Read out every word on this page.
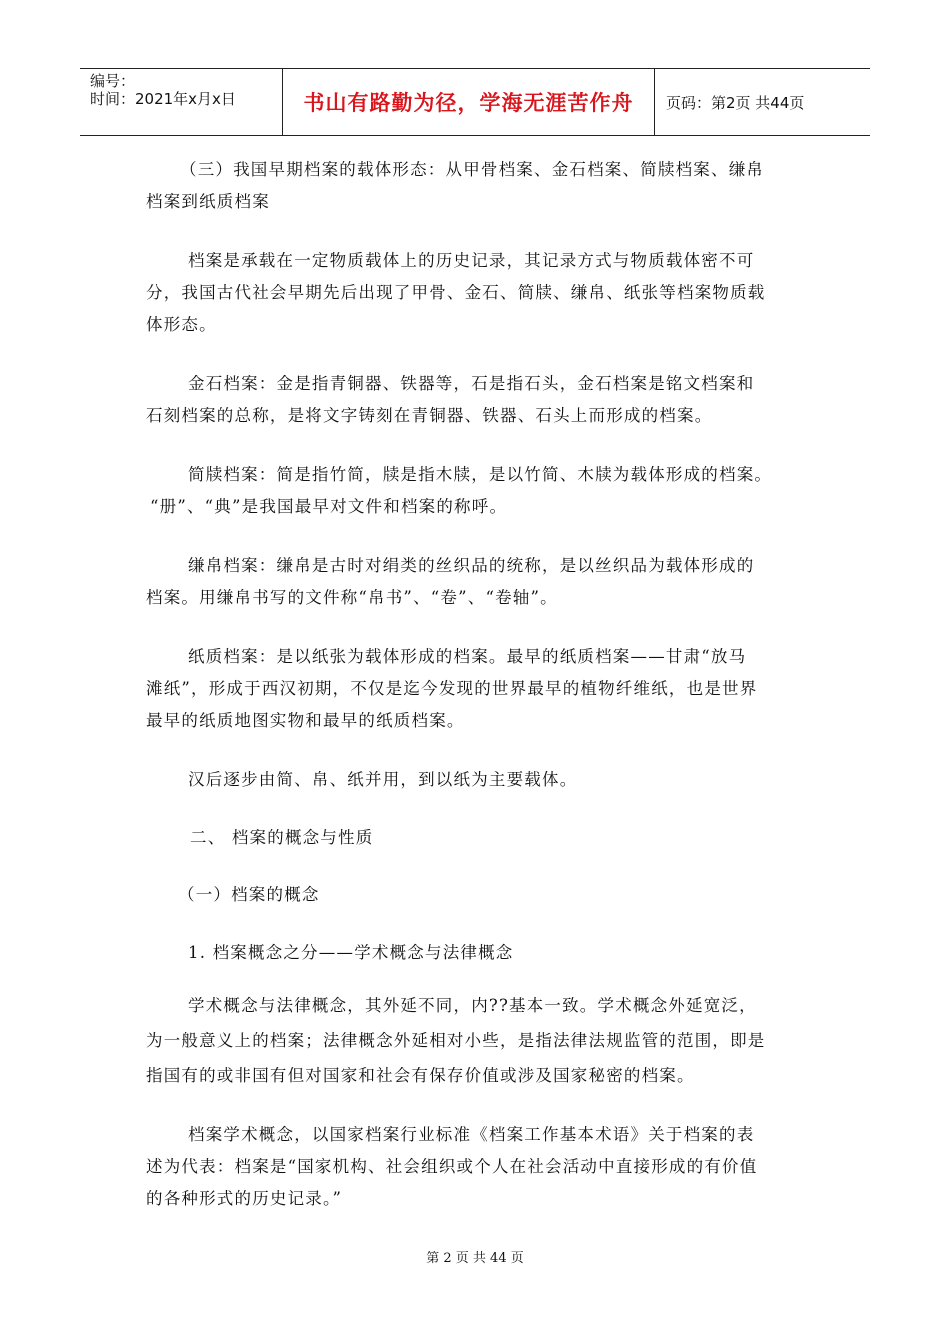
编号：
时间：2021年x月x日	书山有路勤为径，学海无涯苦作舟	页码：第2页 共44页
（三）我国早期档案的载体形态：从甲骨档案、金石档案、简牍档案、缣帛
档案到纸质档案
档案是承载在一定物质载体上的历史记录，其记录方式与物质载体密不可
分，我国古代社会早期先后出现了甲骨、金石、简牍、缣帛、纸张等档案物质载
体形态。
金石档案：金是指青铜器、铁器等，石是指石头，金石档案是铭文档案和
石刻档案的总称，是将文字铸刻在青铜器、铁器、石头上而形成的档案。
简牍档案：简是指竹简，牍是指木牍，是以竹简、木牍为载体形成的档案。
“册”、“典”是我国最早对文件和档案的称呼。
缣帛档案：缣帛是古时对绢类的丝织品的统称，是以丝织品为载体形成的
档案。用缣帛书写的文件称“帛书”、“卷”、“卷轴”。
纸质档案：是以纸张为载体形成的档案。最早的纸质档案——甘肃“放马
滩纸”，形成于西汉初期，不仅是迄今发现的世界最早的植物纤维纸，也是世界
最早的纸质地图实物和最早的纸质档案。
汉后逐步由简、帛、纸并用，到以纸为主要载体。
二、 档案的概念与性质
（一）档案的概念
1. 档案概念之分——学术概念与法律概念
学术概念与法律概念，其外延不同，内??基本一致。学术概念外延宽泛，
为一般意义上的档案；法律概念外延相对小些，是指法律法规监管的范围，即是
指国有的或非国有但对国家和社会有保存价值或涉及国家秘密的档案。
档案学术概念，以国家档案行业标准《档案工作基本术语》关于档案的表
述为代表：档案是“国家机构、社会组织或个人在社会活动中直接形成的有价值
的各种形式的历史记录。”
第 2 页 共 44 页
